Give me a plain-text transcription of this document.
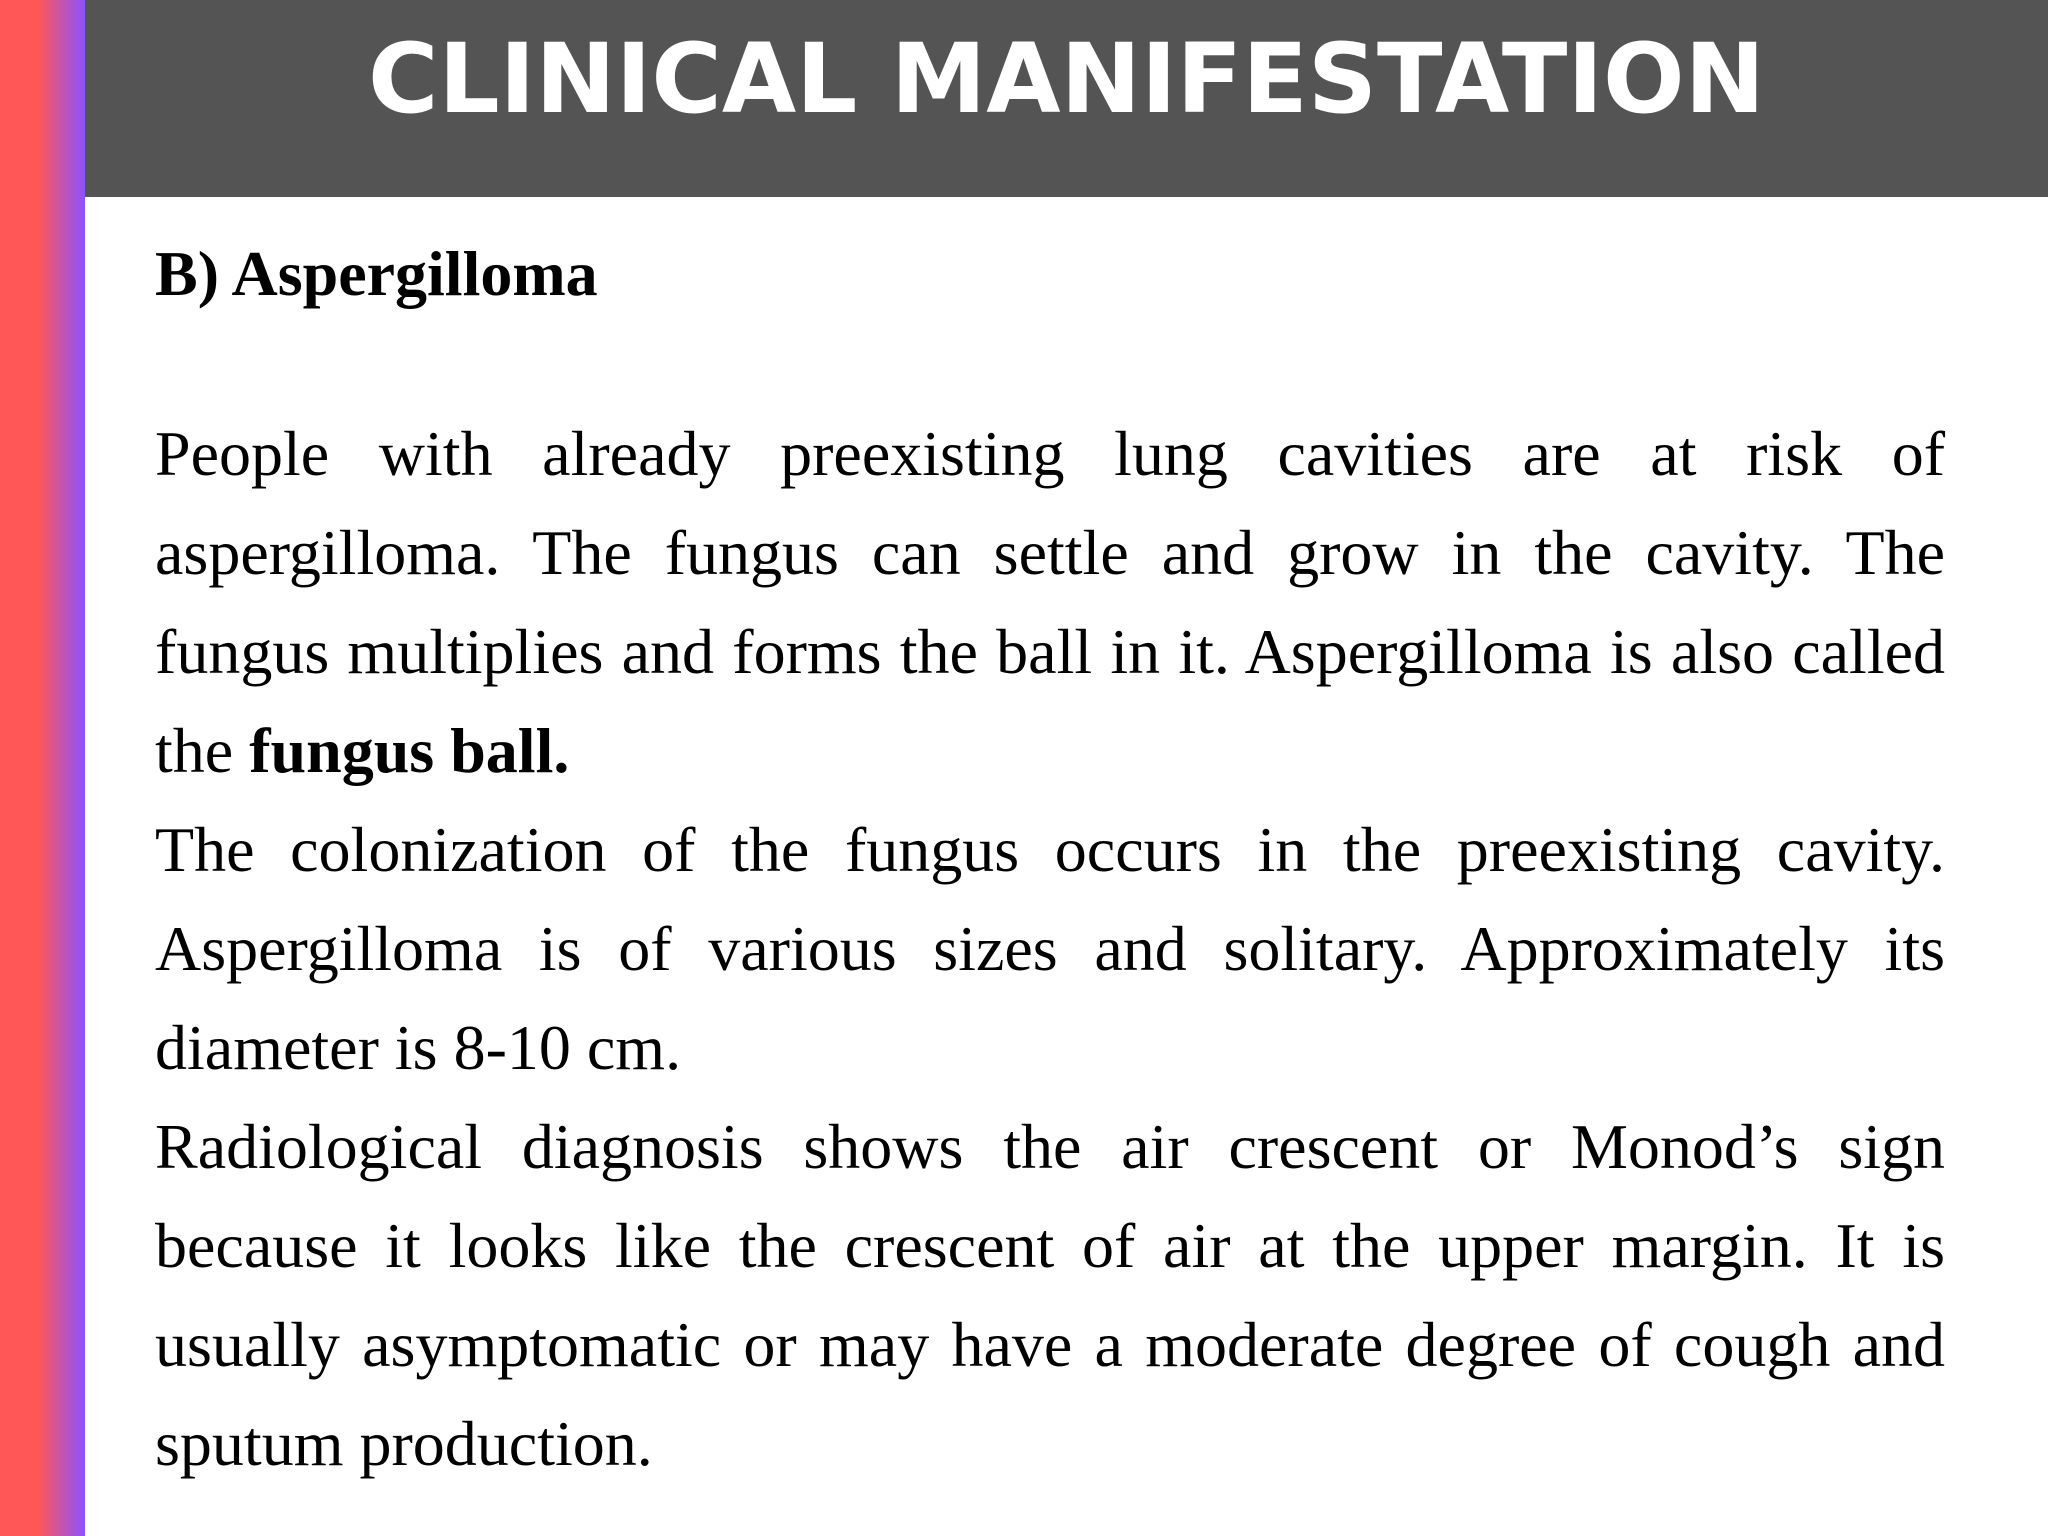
CLINICAL MANIFESTATION
B) Aspergilloma

People with already preexisting lung cavities are at risk of aspergilloma. The fungus can settle and grow in the cavity. The fungus multiplies and forms the ball in it. Aspergilloma is also called the fungus ball.

The colonization of the fungus occurs in the preexisting cavity. Aspergilloma is of various sizes and solitary. Approximately its diameter is 8-10 cm.

Radiological diagnosis shows the air crescent or Monod’s sign because it looks like the crescent of air at the upper margin. It is usually asymptomatic or may have a moderate degree of cough and sputum production.
